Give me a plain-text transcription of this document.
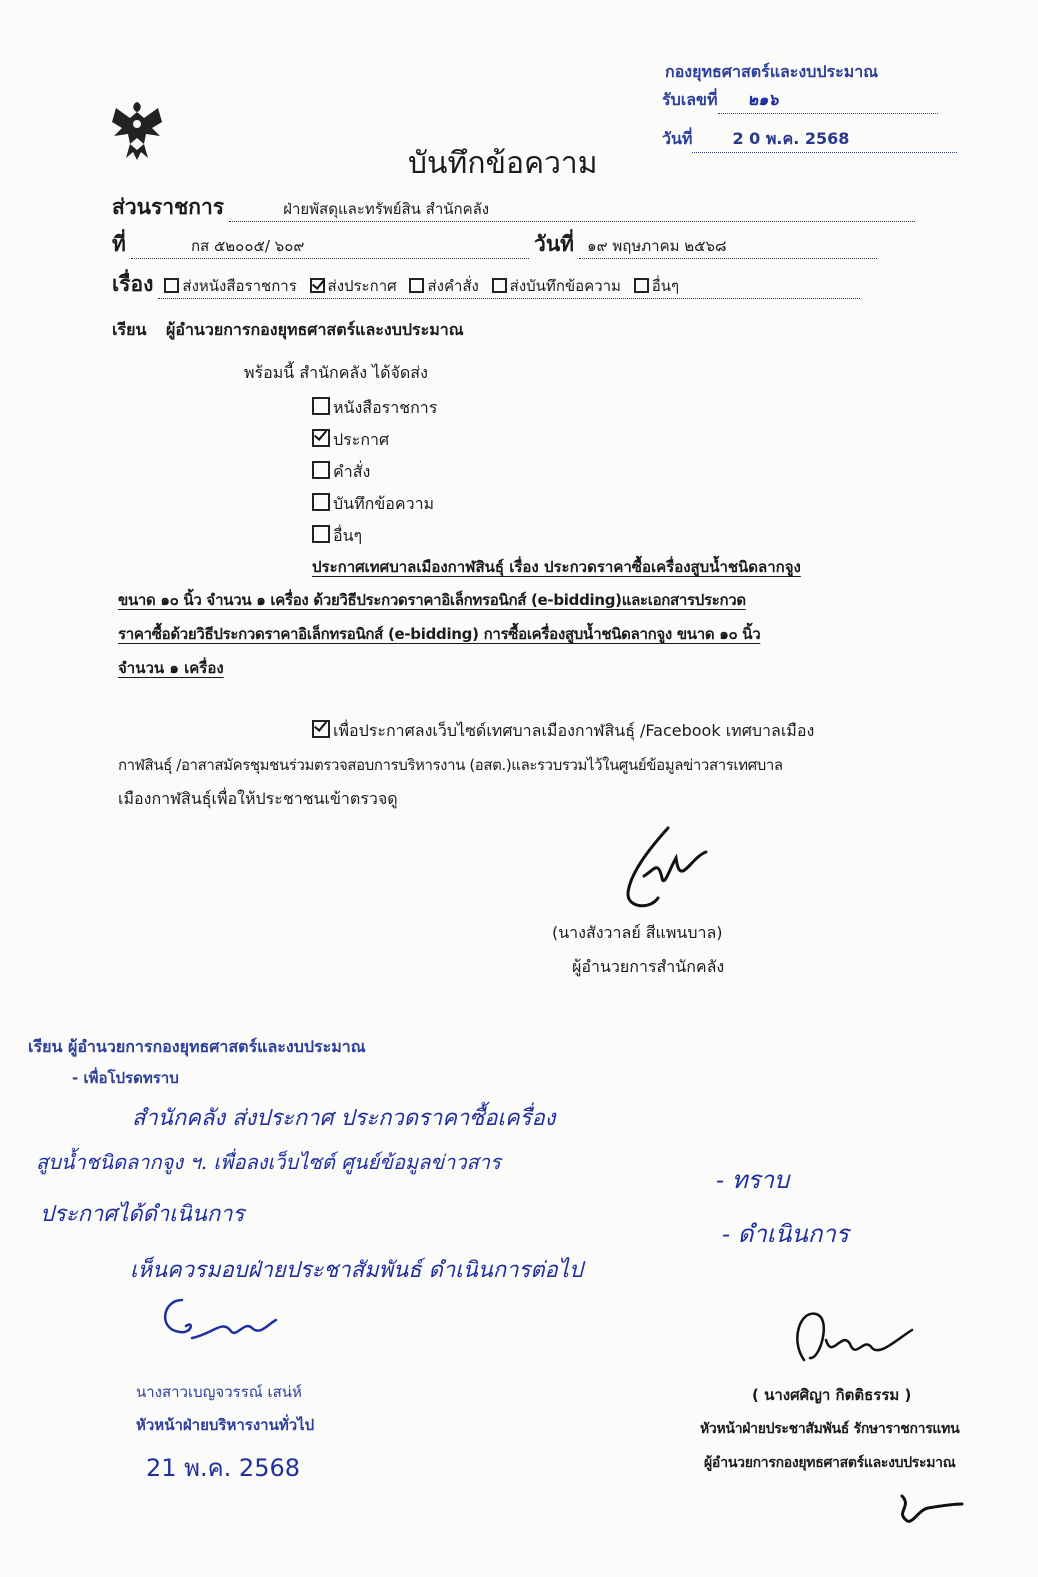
กองยุทธศาสตร์และงบประมาณ
รับเลขที่ ๒๑๖
วันที่	2 0 พ.ค. 2568
บันทึกข้อความ
ส่วนราชการ	ฝ่ายพัสดุและทรัพย์สิน สำนักคลัง
ที่	กส ๕๒๐๐๕/ ๖๐๙	วันที่ ๑๙ พฤษภาคม ๒๕๖๘
เรื่อง ส่งหนังสือราชการ ส่งประกาศ ส่งคำสั่ง ส่งบันทึกข้อความ อื่นๆ
เรียน ผู้อำนวยการกองยุทธศาสตร์และงบประมาณ
พร้อมนี้ สำนักคลัง ได้จัดส่ง
หนังสือราชการ
ประกาศ
คำสั่ง
บันทึกข้อความ
อื่นๆ
ประกาศเทศบาลเมืองกาฬสินธุ์ เรื่อง ประกวดราคาซื้อเครื่องสูบน้ำชนิดลากจูง
ขนาด ๑๐ นิ้ว จำนวน ๑ เครื่อง ด้วยวิธีประกวดราคาอิเล็กทรอนิกส์ (e-bidding)และเอกสารประกวด
ราคาซื้อด้วยวิธีประกวดราคาอิเล็กทรอนิกส์ (e-bidding) การซื้อเครื่องสูบน้ำชนิดลากจูง ขนาด ๑๐ นิ้ว
จำนวน ๑ เครื่อง
เพื่อประกาศลงเว็บไซด์เทศบาลเมืองกาฬสินธุ์ /Facebook เทศบาลเมือง
กาฬสินธุ์ /อาสาสมัครชุมชนร่วมตรวจสอบการบริหารงาน (อสต.)และรวบรวมไว้ในศูนย์ข้อมูลข่าวสารเทศบาล
เมืองกาฬสินธุ์เพื่อให้ประชาชนเข้าตรวจดู
(นางสังวาลย์ สีแพนบาล)
ผู้อำนวยการสำนักคลัง
เรียน ผู้อำนวยการกองยุทธศาสตร์และงบประมาณ
- เพื่อโปรดทราบ
สำนักคลัง ส่งประกาศ ประกวดราคาซื้อเครื่อง
สูบน้ำชนิดลากจูง ฯ. เพื่อลงเว็บไซต์ ศูนย์ข้อมูลข่าวสาร
ประกาศได้ดำเนินการ
เห็นควรมอบฝ่ายประชาสัมพันธ์ ดำเนินการต่อไป
นางสาวเบญจวรรณ์ เสน่ห์
หัวหน้าฝ่ายบริหารงานทั่วไป
21 พ.ค. 2568
- ทราบ
- ดำเนินการ
( นางศศิญา กิตติธรรม )
หัวหน้าฝ่ายประชาสัมพันธ์ รักษาราชการแทน
ผู้อำนวยการกองยุทธศาสตร์และงบประมาณ
